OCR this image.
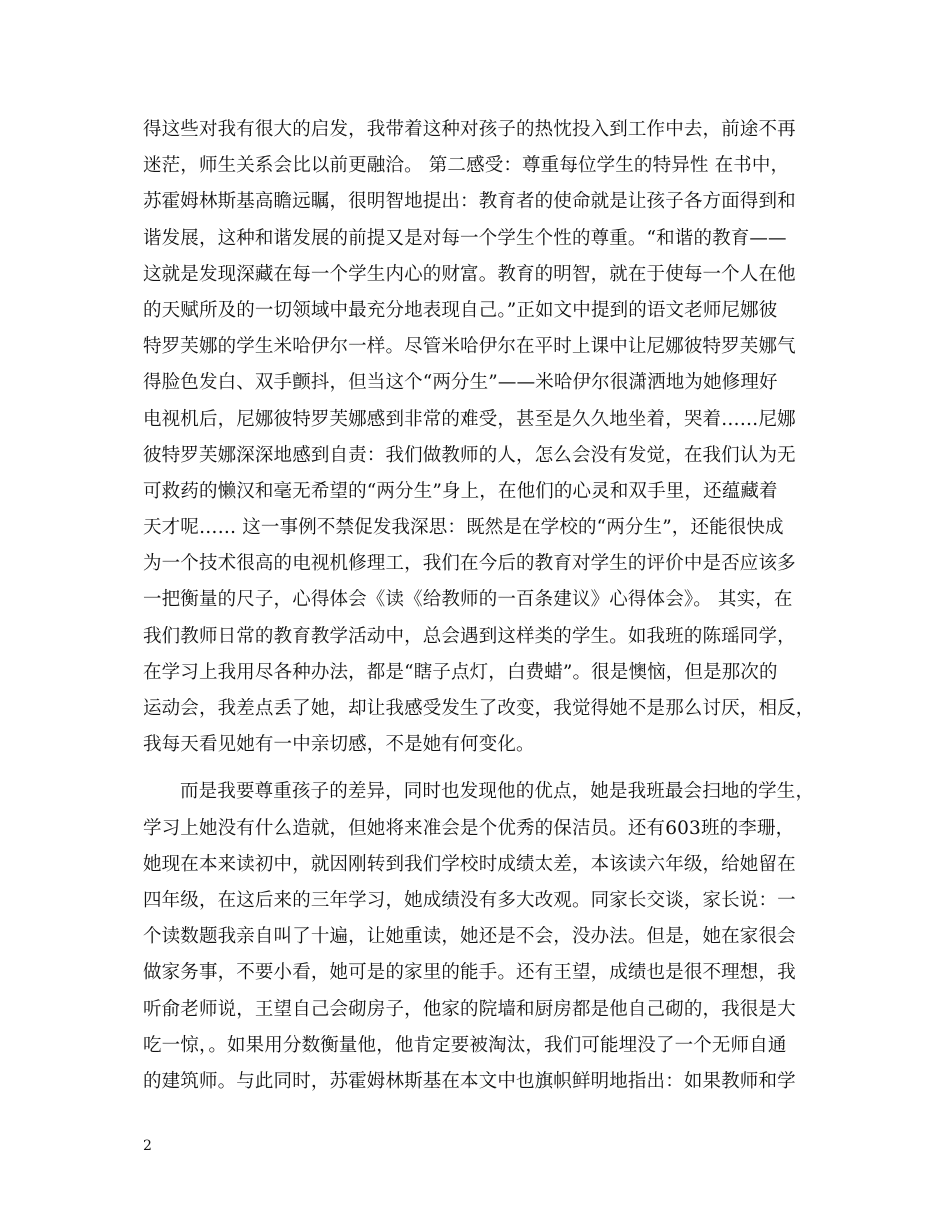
得这些对我有很大的启发，我带着这种对孩子的热忱投入到工作中去，前途不再
迷茫，师生关系会比以前更融洽。 第二感受：尊重每位学生的特异性 在书中，
苏霍姆林斯基高瞻远瞩，很明智地提出：教育者的使命就是让孩子各方面得到和
谐发展，这种和谐发展的前提又是对每一个学生个性的尊重。“和谐的教育——
这就是发现深藏在每一个学生内心的财富。教育的明智，就在于使每一个人在他
的天赋所及的一切领域中最充分地表现自己。”正如文中提到的语文老师尼娜彼
特罗芙娜的学生米哈伊尔一样。尽管米哈伊尔在平时上课中让尼娜彼特罗芙娜气
得脸色发白、双手颤抖，但当这个“两分生”——米哈伊尔很潇洒地为她修理好
电视机后，尼娜彼特罗芙娜感到非常的难受，甚至是久久地坐着，哭着……尼娜
彼特罗芙娜深深地感到自责：我们做教师的人，怎么会没有发觉，在我们认为无
可救药的懒汉和毫无希望的“两分生”身上，在他们的心灵和双手里，还蕴藏着
天才呢…… 这一事例不禁促发我深思：既然是在学校的“两分生”，还能很快成
为一个技术很高的电视机修理工，我们在今后的教育对学生的评价中是否应该多
一把衡量的尺子，心得体会《读《给教师的一百条建议》心得体会》。 其实，在
我们教师日常的教育教学活动中，总会遇到这样类的学生。如我班的陈瑶同学，
在学习上我用尽各种办法，都是“瞎子点灯，白费蜡”。很是懊恼，但是那次的
运动会，我差点丢了她，却让我感受发生了改变，我觉得她不是那么讨厌，相反，
我每天看见她有一中亲切感，不是她有何变化。
而是我要尊重孩子的差异，同时也发现他的优点，她是我班最会扫地的学生，
学习上她没有什么造就，但她将来准会是个优秀的保洁员。还有603班的李珊，
她现在本来读初中，就因刚转到我们学校时成绩太差，本该读六年级，给她留在
四年级，在这后来的三年学习，她成绩没有多大改观。同家长交谈，家长说：一
个读数题我亲自叫了十遍，让她重读，她还是不会，没办法。但是，她在家很会
做家务事，不要小看，她可是的家里的能手。还有王望，成绩也是很不理想，我
听俞老师说，王望自己会砌房子，他家的院墙和厨房都是他自己砌的，我很是大
吃一惊，。如果用分数衡量他，他肯定要被淘汰，我们可能埋没了一个无师自通
的建筑师。与此同时，苏霍姆林斯基在本文中也旗帜鲜明地指出：如果教师和学
2
